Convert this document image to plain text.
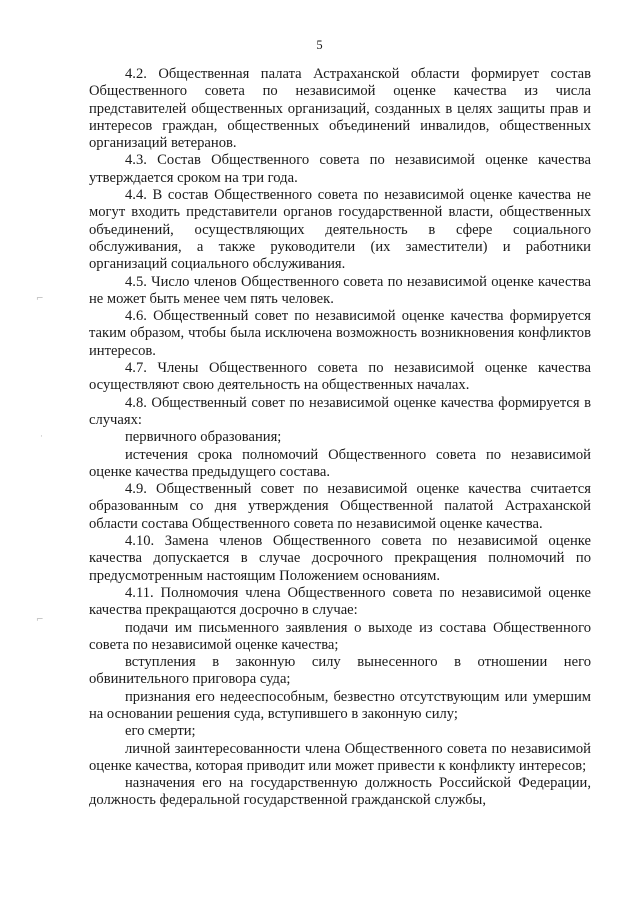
5
⌐
·
⌐

4.2. Общественная палата Астраханской области формирует состав Общественного совета по независимой оценке качества из числа представителей общественных организаций, созданных в целях защиты прав и интересов граждан, общественных объединений инвалидов, общественных организаций ветеранов.

4.3. Состав Общественного совета по независимой оценке качества утверждается сроком на три года.

4.4. В состав Общественного совета по независимой оценке качества не могут входить представители органов государственной власти, общественных объединений, осуществляющих деятельность в сфере социального обслуживания, а также руководители (их заместители) и работники организаций социального обслуживания.

4.5. Число членов Общественного совета по независимой оценке качества не может быть менее чем пять человек.

4.6. Общественный совет по независимой оценке качества формируется таким образом, чтобы была исключена возможность возникновения конфликтов интересов.

4.7. Члены Общественного совета по независимой оценке качества осуществляют свою деятельность на общественных началах.

4.8. Общественный совет по независимой оценке качества формируется в случаях:

первичного образования;

истечения срока полномочий Общественного совета по независимой оценке качества предыдущего состава.

4.9. Общественный совет по независимой оценке качества считается образованным со дня утверждения Общественной палатой Астраханской области состава Общественного совета по независимой оценке качества.

4.10. Замена членов Общественного совета по независимой оценке качества допускается в случае досрочного прекращения полномочий по предусмотренным настоящим Положением основаниям.

4.11. Полномочия члена Общественного совета по независимой оценке качества прекращаются досрочно в случае:

подачи им письменного заявления о выходе из состава Общественного совета по независимой оценке качества;

вступления в законную силу вынесенного в отношении него обвинительного приговора суда;

признания его недееспособным, безвестно отсутствующим или умершим на основании решения суда, вступившего в законную силу;

его смерти;

личной заинтересованности члена Общественного совета по независимой оценке качества, которая приводит или может привести к конфликту интересов;

назначения его на государственную должность Российской Федерации, должность федеральной государственной гражданской службы,
